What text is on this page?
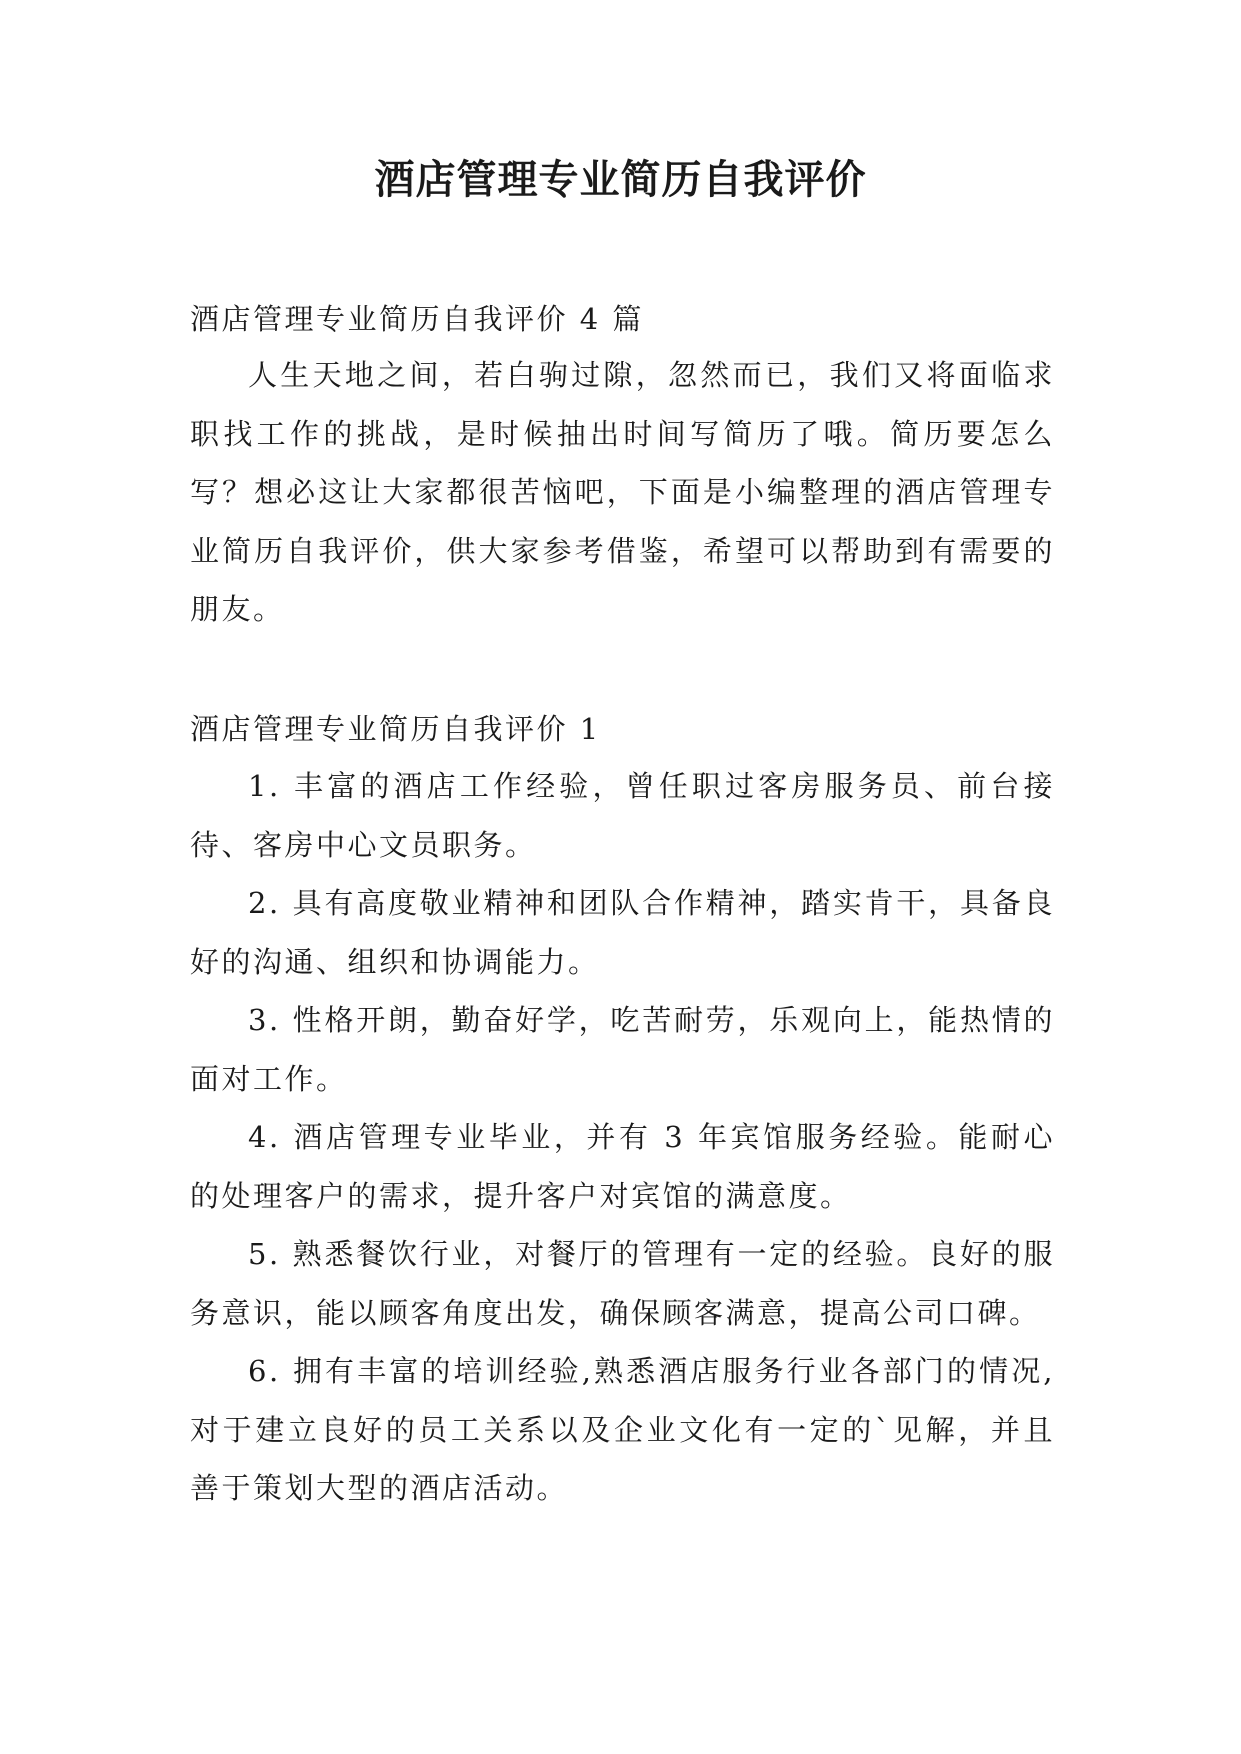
酒店管理专业简历自我评价

酒店管理专业简历自我评价 4 篇

人生天地之间，若白驹过隙，忽然而已，我们又将面临求职找工作的挑战，是时候抽出时间写简历了哦。简历要怎么写？想必这让大家都很苦恼吧，下面是小编整理的酒店管理专业简历自我评价，供大家参考借鉴，希望可以帮助到有需要的朋友。

酒店管理专业简历自我评价 1

1. 丰富的酒店工作经验，曾任职过客房服务员、前台接待、客房中心文员职务。

2. 具有高度敬业精神和团队合作精神，踏实肯干，具备良好的沟通、组织和协调能力。

3. 性格开朗，勤奋好学，吃苦耐劳，乐观向上，能热情的面对工作。

4. 酒店管理专业毕业，并有 3 年宾馆服务经验。能耐心的处理客户的需求，提升客户对宾馆的满意度。

5. 熟悉餐饮行业，对餐厅的管理有一定的经验。良好的服务意识，能以顾客角度出发，确保顾客满意，提高公司口碑。

6. 拥有丰富的培训经验,熟悉酒店服务行业各部门的情况,对于建立良好的员工关系以及企业文化有一定的`见解，并且善于策划大型的酒店活动。
